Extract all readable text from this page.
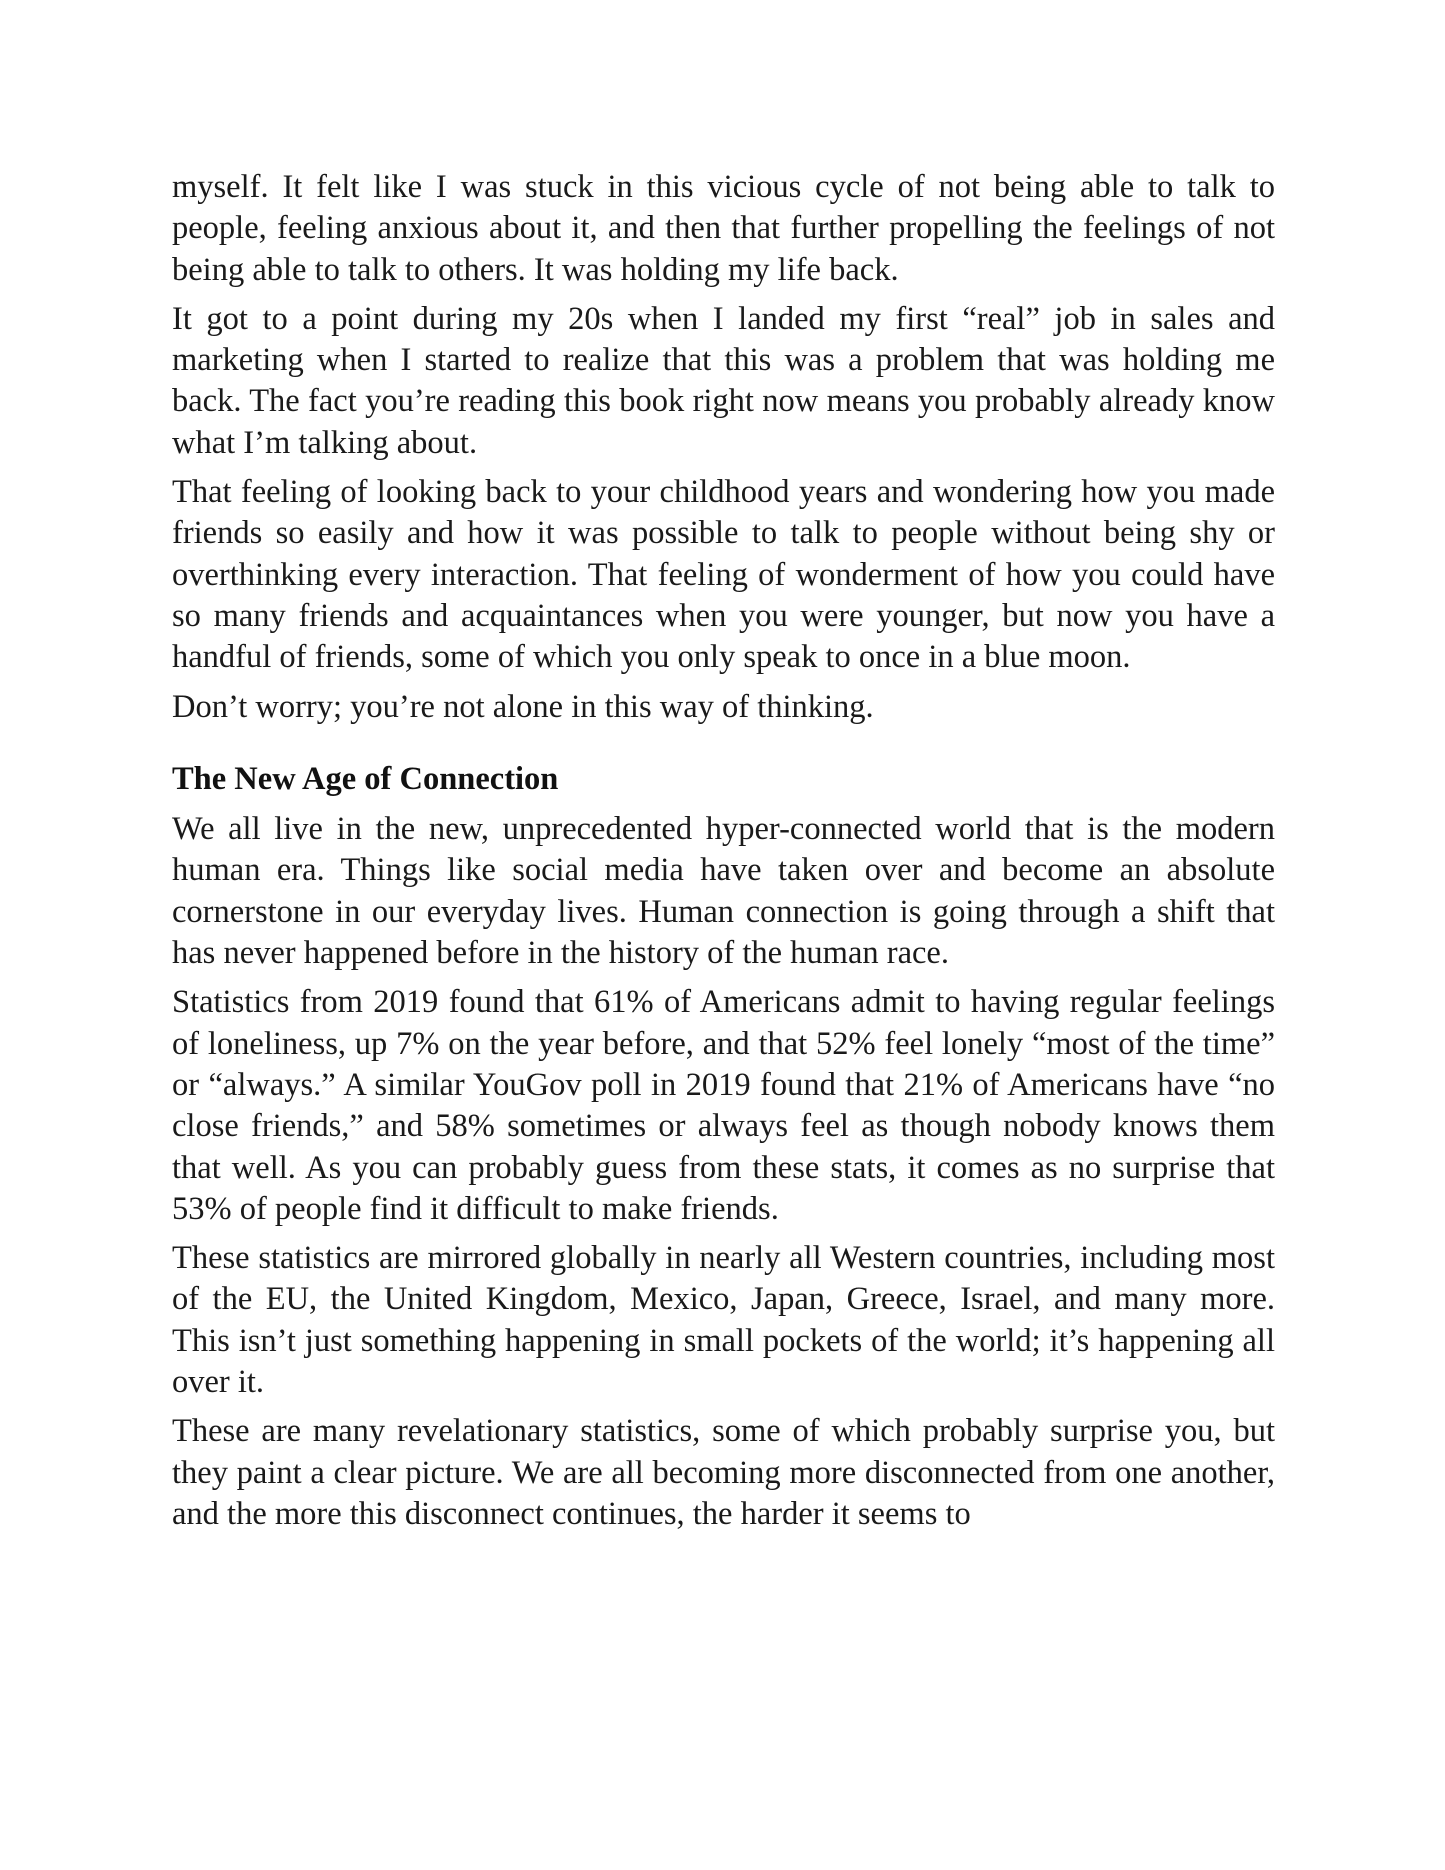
myself. It felt like I was stuck in this vicious cycle of not being able to talk to people, feeling anxious about it, and then that further propelling the feelings of not being able to talk to others. It was holding my life back.

It got to a point during my 20s when I landed my first “real” job in sales and marketing when I started to realize that this was a problem that was holding me back. The fact you’re reading this book right now means you probably already know what I’m talking about.

That feeling of looking back to your childhood years and wondering how you made friends so easily and how it was possible to talk to people without being shy or overthinking every interaction. That feeling of wonderment of how you could have so many friends and acquaintances when you were younger, but now you have a handful of friends, some of which you only speak to once in a blue moon.

Don’t worry; you’re not alone in this way of thinking.

The New Age of Connection

We all live in the new, unprecedented hyper-connected world that is the modern human era. Things like social media have taken over and become an absolute cornerstone in our everyday lives. Human connection is going through a shift that has never happened before in the history of the human race.

Statistics from 2019 found that 61% of Americans admit to having regular feelings of loneliness, up 7% on the year before, and that 52% feel lonely “most of the time” or “always.” A similar YouGov poll in 2019 found that 21% of Americans have “no close friends,” and 58% sometimes or always feel as though nobody knows them that well. As you can probably guess from these stats, it comes as no surprise that 53% of people find it difficult to make friends.

These statistics are mirrored globally in nearly all Western countries, including most of the EU, the United Kingdom, Mexico, Japan, Greece, Israel, and many more. This isn’t just something happening in small pockets of the world; it’s happening all over it.

These are many revelationary statistics, some of which probably surprise you, but they paint a clear picture. We are all becoming more disconnected from one another, and the more this disconnect continues, the harder it seems to
